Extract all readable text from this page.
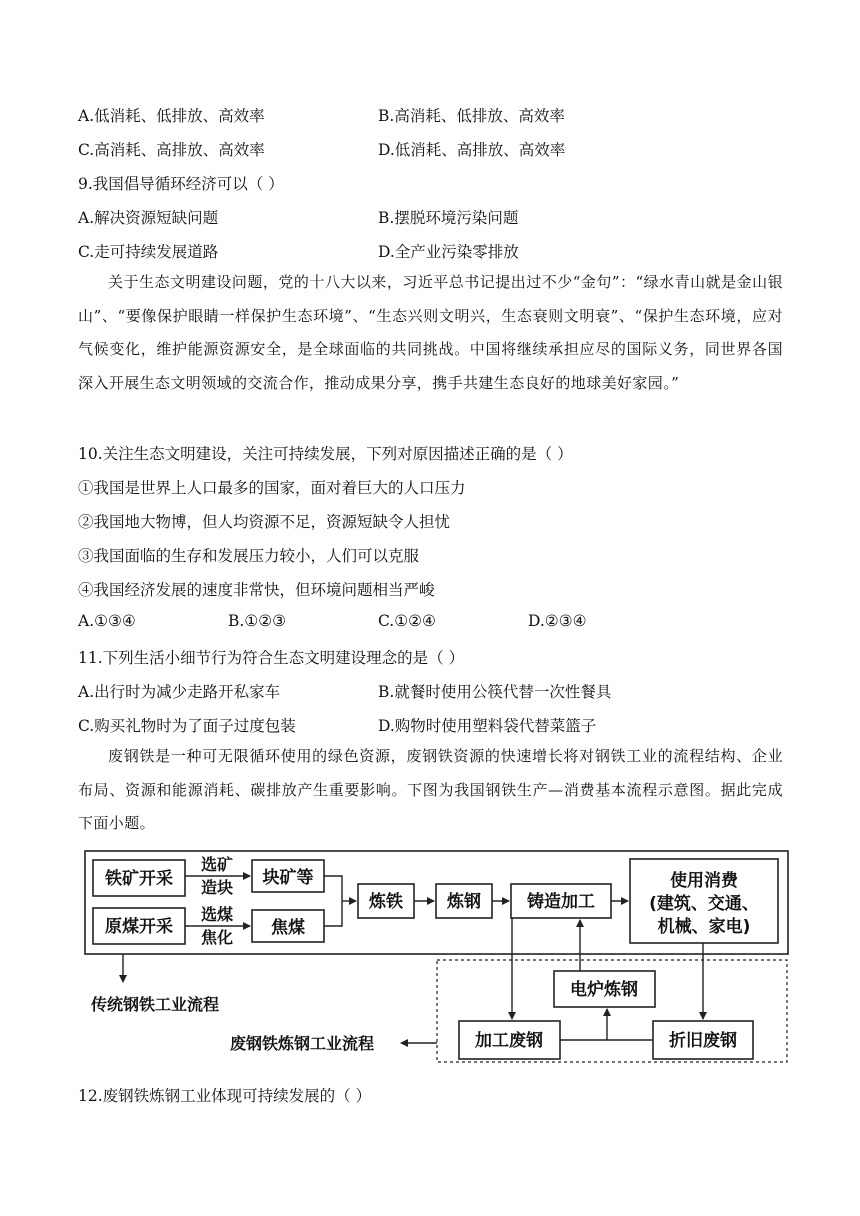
A.低消耗、低排放、高效率	B.高消耗、低排放、高效率
C.高消耗、高排放、高效率	D.低消耗、高排放、高效率
9.我国倡导循环经济可以（ ）
A.解决资源短缺问题	B.摆脱环境污染问题
C.走可持续发展道路	D.全产业污染零排放
关于生态文明建设问题，党的十八大以来，习近平总书记提出过不少“金句”：“绿水青山就是金山银山”、“要像保护眼睛一样保护生态环境”、“生态兴则文明兴，生态衰则文明衰”、“保护生态环境，应对气候变化，维护能源资源安全，是全球面临的共同挑战。中国将继续承担应尽的国际义务，同世界各国深入开展生态文明领域的交流合作，推动成果分享，携手共建生态良好的地球美好家园。”
10.关注生态文明建设，关注可持续发展，下列对原因描述正确的是（ ）
①我国是世界上人口最多的国家，面对着巨大的人口压力
②我国地大物博，但人均资源不足，资源短缺令人担忧
③我国面临的生存和发展压力较小，人们可以克服
④我国经济发展的速度非常快，但环境问题相当严峻
A.①③④	B.①②③	C.①②④	D.②③④
11.下列生活小细节行为符合生态文明建设理念的是（ ）
A.出行时为减少走路开私家车	B.就餐时使用公筷代替一次性餐具
C.购买礼物时为了面子过度包装	D.购物时使用塑料袋代替菜篮子
废钢铁是一种可无限循环使用的绿色资源，废钢铁资源的快速增长将对钢铁工业的流程结构、企业布局、资源和能源消耗、碳排放产生重要影响。下图为我国钢铁生产—消费基本流程示意图。据此完成下面小题。
铁矿开采
原煤开采
块矿等
焦煤
炼铁	炼钢	铸造加工
使用消费
(建筑、交通、
机械、家电)
电炉炼钢
加工废钢	折旧废钢
选矿
造块
选煤
焦化
传统钢铁工业流程
废钢铁炼钢工业流程
12.废钢铁炼钢工业体现可持续发展的（ ）
